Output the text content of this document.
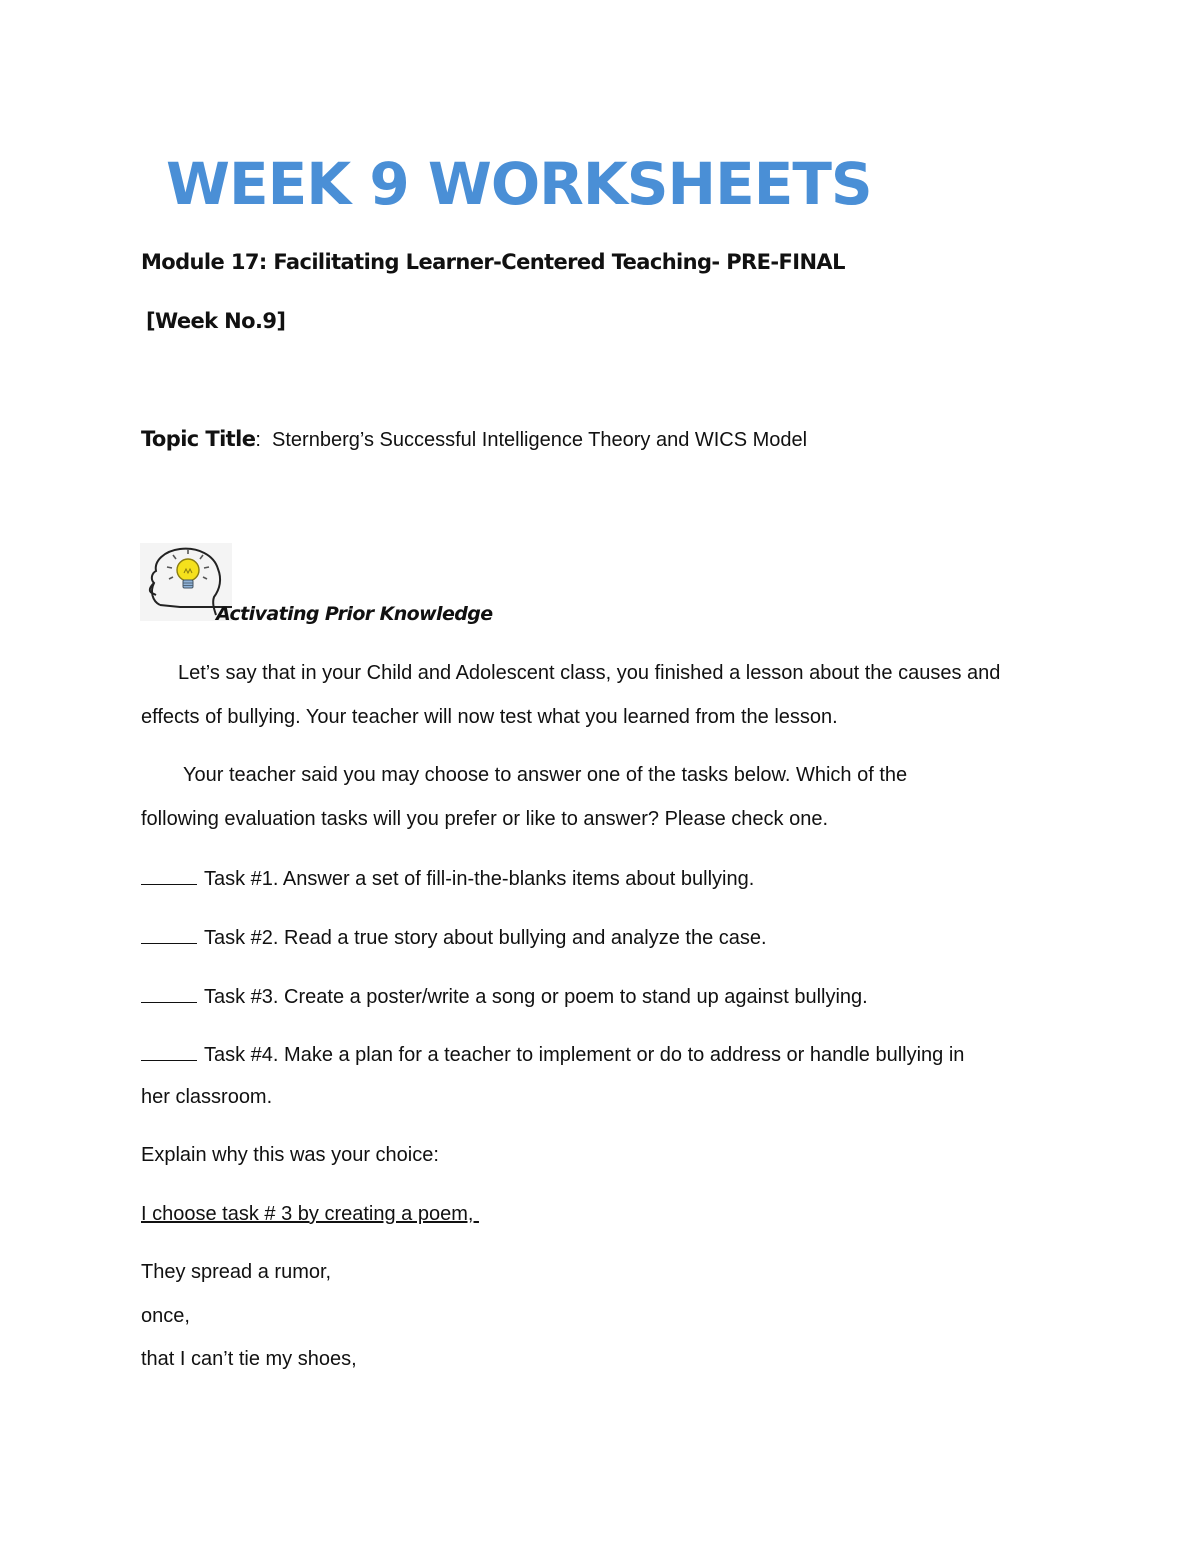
WEEK 9 WORKSHEETS
Module 17: Facilitating Learner-Centered Teaching- PRE-FINAL
[Week No.9]
Topic Title:  Sternberg’s Successful Intelligence Theory and WICS Model
Activating Prior Knowledge
Let’s say that in your Child and Adolescent class, you finished a lesson about the causes and
effects of bullying. Your teacher will now test what you learned from the lesson.
Your teacher said you may choose to answer one of the tasks below. Which of the
following evaluation tasks will you prefer or like to answer? Please check one.
Task #1. Answer a set of fill-in-the-blanks items about bullying.
Task #2. Read a true story about bullying and analyze the case.
Task #3. Create a poster/write a song or poem to stand up against bullying.
Task #4. Make a plan for a teacher to implement or do to address or handle bullying in
her classroom.
Explain why this was your choice:
I choose task # 3 by creating a poem,
They spread a rumor,
once,
that I can’t tie my shoes,
